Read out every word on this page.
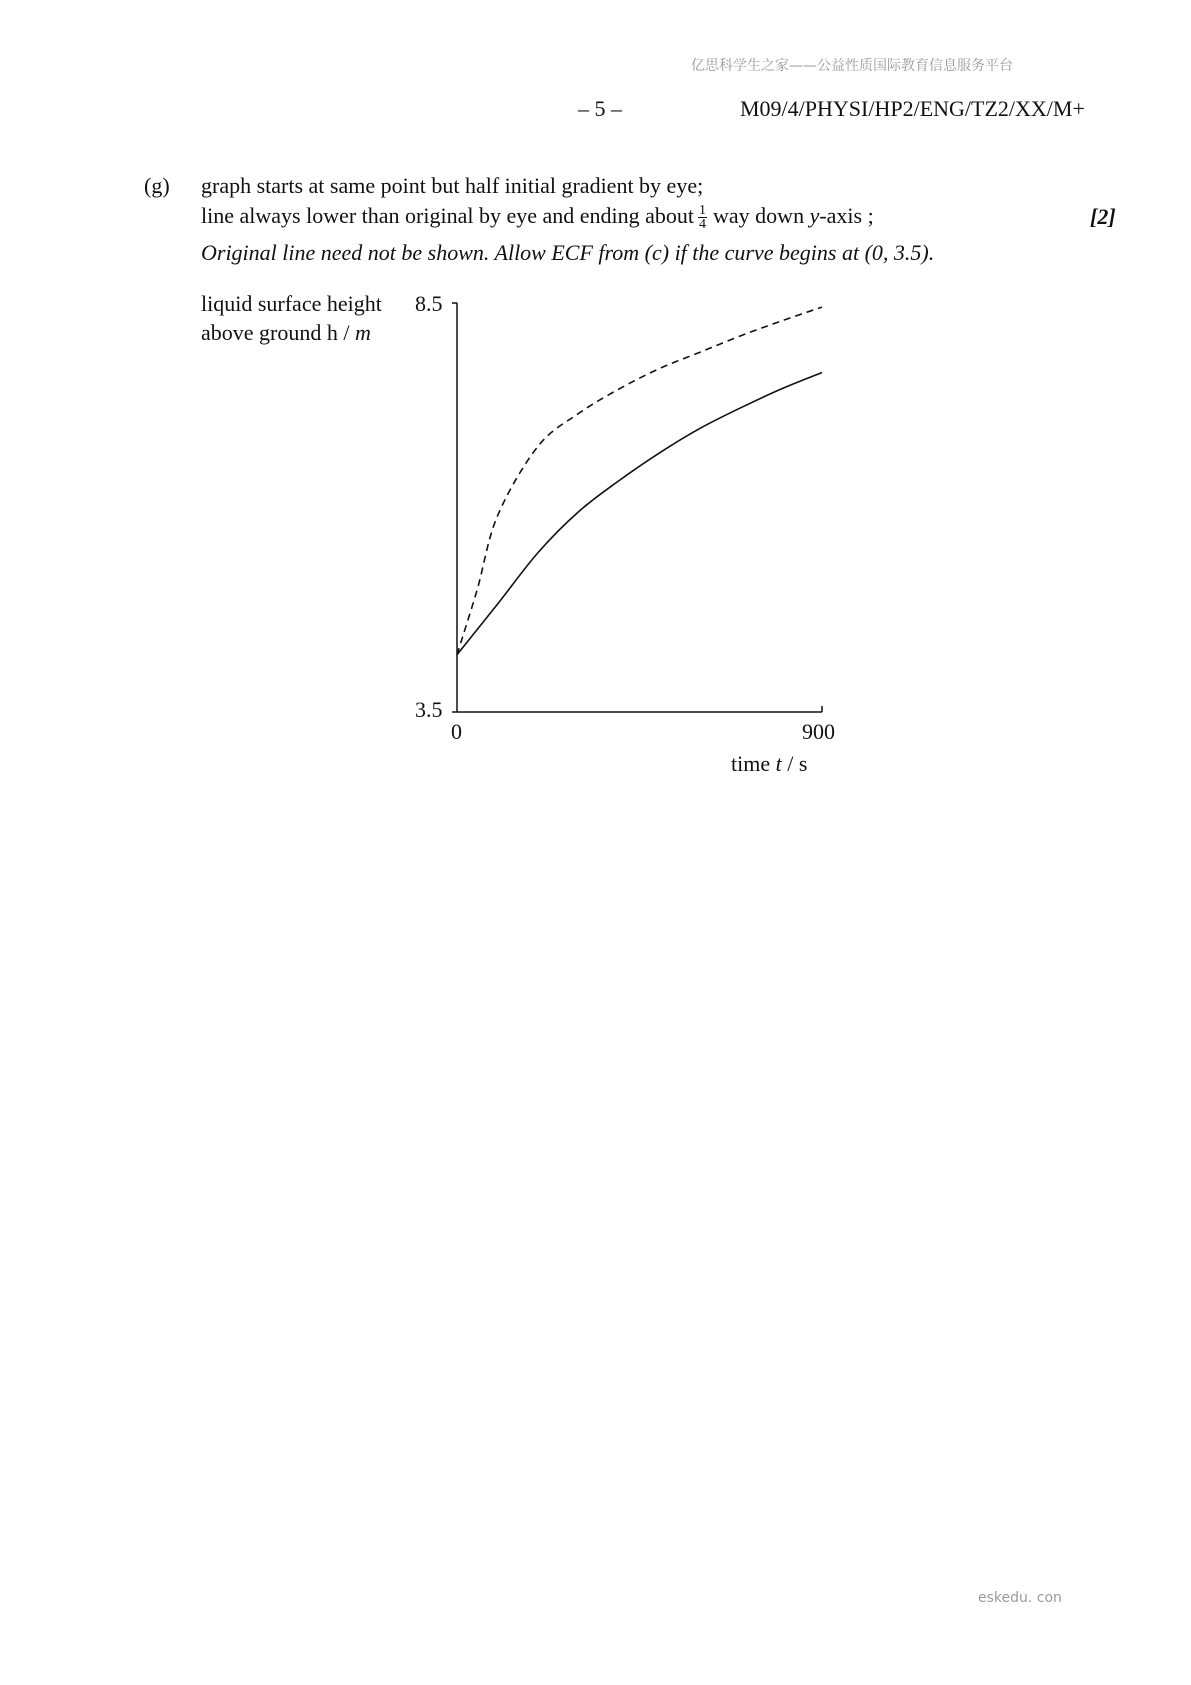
亿思科学生之家——公益性质国际教育信息服务平台
– 5 –	M09/4/PHYSI/HP2/ENG/TZ2/XX/M+
(g) graph starts at same point but half initial gradient by eye;
line always lower than original by eye and ending about $\frac{1}{4}$ way down y-axis ;	[2]
Original line need not be shown. Allow ECF from (c) if the curve begins at (0, 3.5).
liquid surface height
above ground h / m
8.5
3.5
0	900
time t / s
eskedu. con
